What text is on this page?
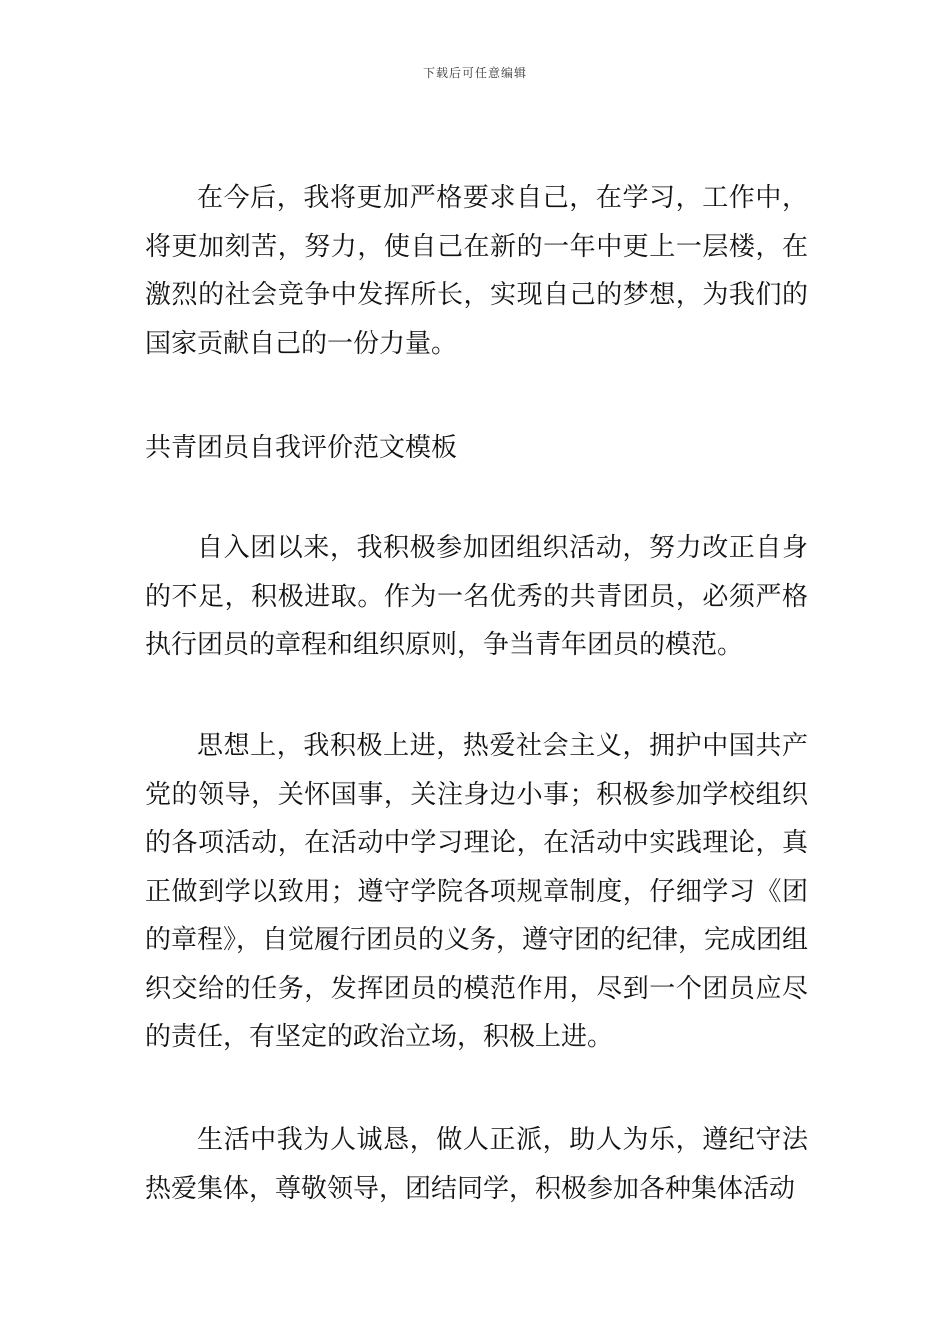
下载后可任意编辑

在今后，我将更加严格要求自己，在学习，工作中，将更加刻苦，努力，使自己在新的一年中更上一层楼，在激烈的社会竞争中发挥所长，实现自己的梦想，为我们的国家贡献自己的一份力量。

共青团员自我评价范文模板

自入团以来，我积极参加团组织活动，努力改正自身的不足，积极进取。作为一名优秀的共青团员，必须严格执行团员的章程和组织原则，争当青年团员的模范。

思想上，我积极上进，热爱社会主义，拥护中国共产党的领导，关怀国事，关注身边小事；积极参加学校组织的各项活动，在活动中学习理论，在活动中实践理论，真正做到学以致用；遵守学院各项规章制度，仔细学习《团的章程》，自觉履行团员的义务，遵守团的纪律，完成团组织交给的任务，发挥团员的模范作用，尽到一个团员应尽的责任，有坚定的政治立场，积极上进。

生活中我为人诚恳，做人正派，助人为乐，遵纪守法热爱集体，尊敬领导，团结同学，积极参加各种集体活动
